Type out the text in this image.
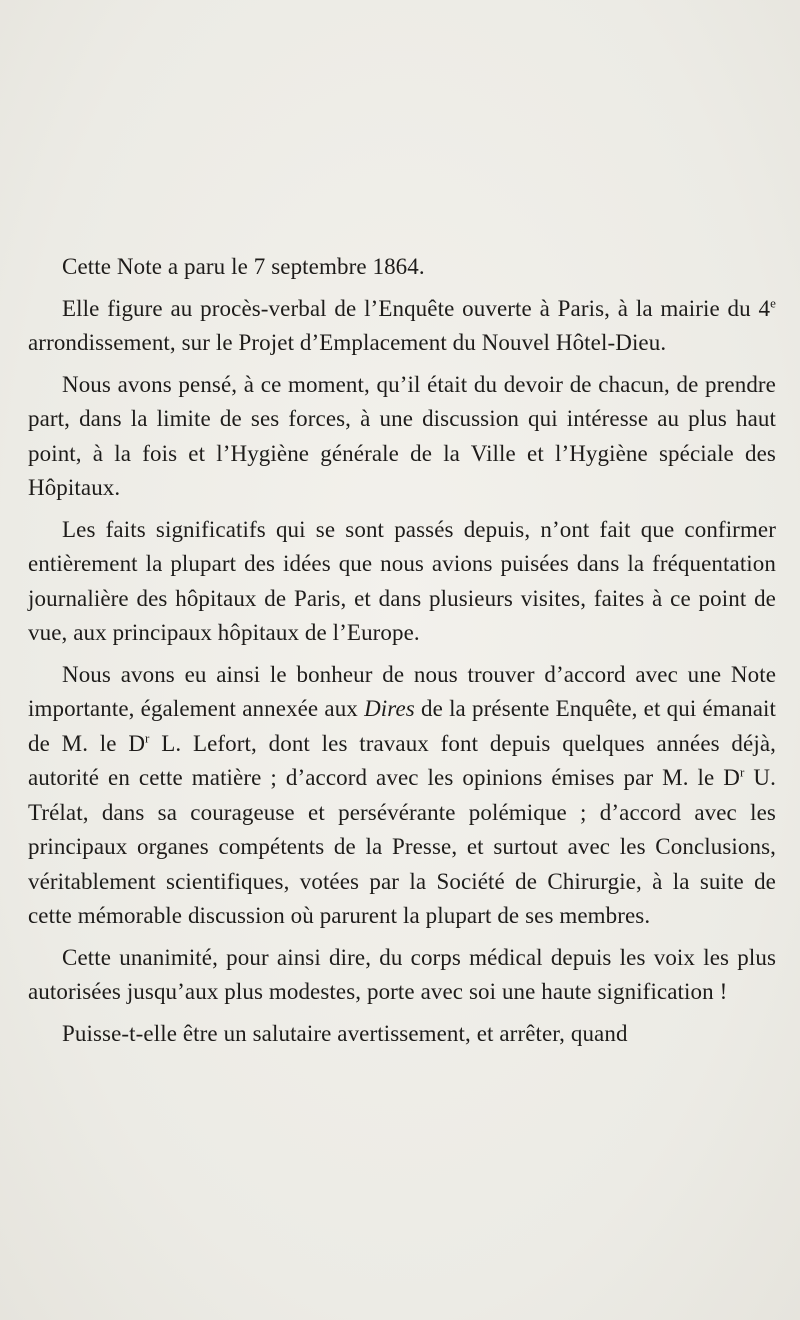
Cette Note a paru le 7 septembre 1864.

Elle figure au procès-verbal de l’Enquête ouverte à Paris, à la mairie du 4e arrondissement, sur le Projet d’Emplacement du Nouvel Hôtel-Dieu.

Nous avons pensé, à ce moment, qu’il était du devoir de chacun, de prendre part, dans la limite de ses forces, à une discussion qui intéresse au plus haut point, à la fois et l’Hygiène générale de la Ville et l’Hygiène spéciale des Hôpitaux.

Les faits significatifs qui se sont passés depuis, n’ont fait que confirmer entièrement la plupart des idées que nous avions puisées dans la fréquentation journalière des hôpitaux de Paris, et dans plusieurs visites, faites à ce point de vue, aux principaux hôpitaux de l’Europe.

Nous avons eu ainsi le bonheur de nous trouver d’accord avec une Note importante, également annexée aux Dires de la présente Enquête, et qui émanait de M. le $D^r$ L. Lefort, dont les travaux font depuis quelques années déjà, autorité en cette matière ; d’accord avec les opinions émises par M. le $D^r$ U. Trélat, dans sa courageuse et persévérante polémique ; d’accord avec les principaux organes compétents de la Presse, et surtout avec les Conclusions, véritablement scientifiques, votées par la Société de Chirurgie, à la suite de cette mémorable discussion où parurent la plupart de ses membres.

Cette unanimité, pour ainsi dire, du corps médical depuis les voix les plus autorisées jusqu’aux plus modestes, porte avec soi une haute signification !

Puisse-t-elle être un salutaire avertissement, et arrêter, quand
